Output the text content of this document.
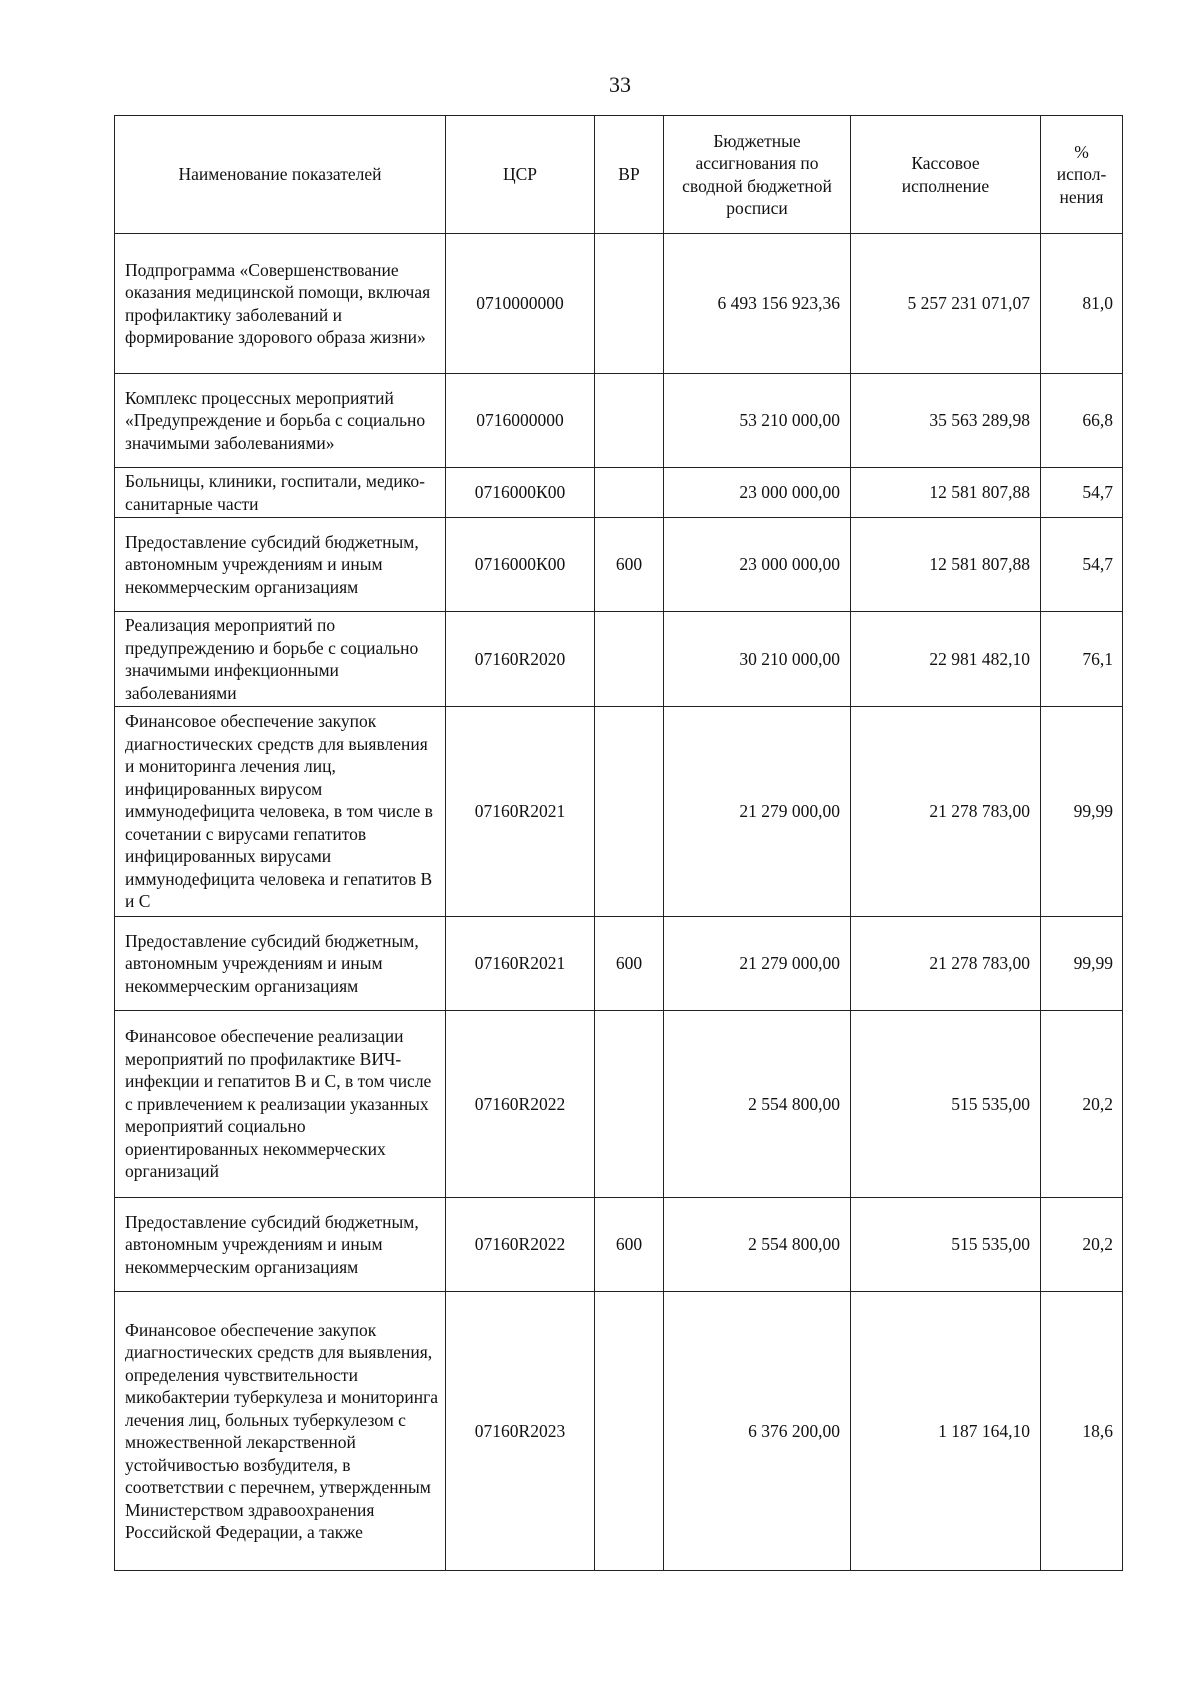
33
Наименование показателей	ЦСР	ВР	Бюджетные ассигнования по сводной бюджетной росписи	Кассовое исполнение	% испол-нения
Подпрограмма «Совершенствование оказания медицинской помощи, включая профилактику заболеваний и формирование здорового образа жизни»	0710000000		6 493 156 923,36	5 257 231 071,07	81,0
Комплекс процессных мероприятий «Предупреждение и борьба с социально значимыми заболеваниями»	0716000000		53 210 000,00	35 563 289,98	66,8
Больницы, клиники, госпитали, медико-санитарные части	0716000К00		23 000 000,00	12 581 807,88	54,7
Предоставление субсидий бюджетным, автономным учреждениям и иным некоммерческим организациям	0716000К00	600	23 000 000,00	12 581 807,88	54,7
Реализация мероприятий по предупреждению и борьбе с социально значимыми инфекционными заболеваниями	07160R2020		30 210 000,00	22 981 482,10	76,1
Финансовое обеспечение закупок диагностических средств для выявления и мониторинга лечения лиц, инфицированных вирусом иммунодефицита человека, в том числе в сочетании с вирусами гепатитов инфицированных вирусами иммунодефицита человека и гепатитов В и С	07160R2021		21 279 000,00	21 278 783,00	99,99
Предоставление субсидий бюджетным, автономным учреждениям и иным некоммерческим организациям	07160R2021	600	21 279 000,00	21 278 783,00	99,99
Финансовое обеспечение реализации мероприятий по профилактике ВИЧ-инфекции и гепатитов В и С, в том числе с привлечением к реализации указанных мероприятий социально ориентированных некоммерческих организаций	07160R2022		2 554 800,00	515 535,00	20,2
Предоставление субсидий бюджетным, автономным учреждениям и иным некоммерческим организациям	07160R2022	600	2 554 800,00	515 535,00	20,2
Финансовое обеспечение закупок диагностических средств для выявления, определения чувствительности микобактерии туберкулеза и мониторинга лечения лиц, больных туберкулезом с множественной лекарственной устойчивостью возбудителя, в соответствии с перечнем, утвержденным Министерством здравоохранения Российской Федерации, а также	07160R2023		6 376 200,00	1 187 164,10	18,6
